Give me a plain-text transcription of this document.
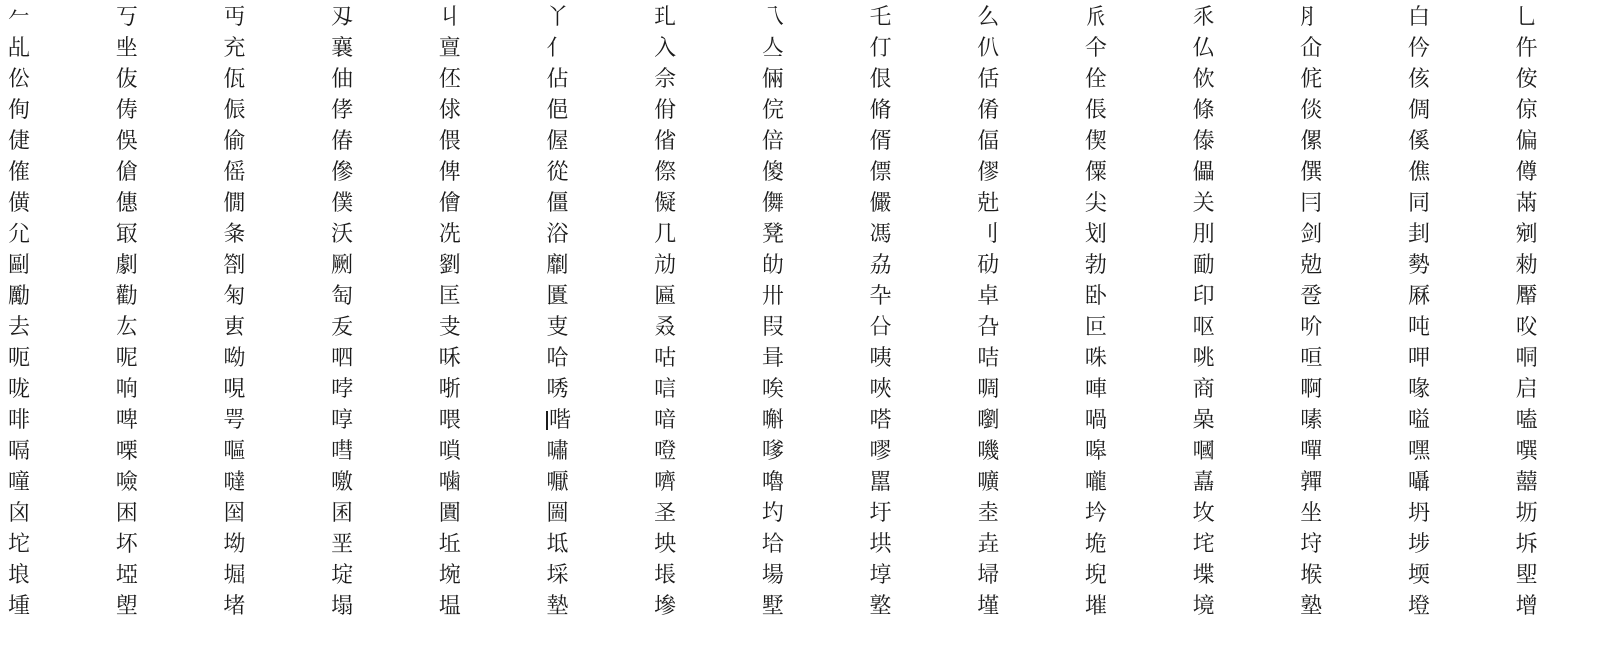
𠂉	丂	丏	刄	丩	丫	玌	乁	乇	么	𠂢	乑	⺼	白	乚
乩	㘴	充	襄	亶	亻	入	亼	仃	仈	仐	仏	仚	仱	仵
伀	伖	佤	伷	伾	佔	佘	倆	佷	佸	佺	佽	侂	侅	侒
侚	俦	侲	侾	俅	俋	佾	俒	脩	倄	倀	條	倓	倜	倞
倢	俁	偷	偆	偎	偓	偗	倍	偦	偪	偰	傣	傫	傒	偏
傕	傖	傜	傪	俾	從	傺	傻	僄	僇	僳	儡	僎	僬	僔
僙	僡	僩	僕	儈	僵	儗	儛	儼	兙	尖	关	冃	同	㒼
尣	冣	夈	沃	冼	浴	几	凳	馮	刂	划	刖	剑	刲	剜
剾	劇	劄	劂	劉	劘	劥	劰	劦	劯	勃	勔	勊	勢	勑
勵	勸	匊	匋	匡	匱	匾	卅	卆	卓	卧	印	卺	厤	厴
去	厷	叀	叐	叏	叓	叒	叚	㕣	叴	叵	呕	吤	吨	㕮
呃	呢	呦	呬	咊	哈	咕	咠	咦	咭	咮	咷	咺	呷	哃
咙	响	哯	哱	哳	唀	唁	唉	唊	啁	唓	商	啊	喙	启
啡	啤	咢	啍	喂	喈	喑	嘝	嗒	嚠	喎	喿	嗉	嗌	嗑
嗝	㗚	嘔	嘒	嗩	嘯	噔	嗲	嘐	嘰	嗥	嘓	嘽	嘿	噀
噇	噞	噠	噭	噛	嚈	嚌	嚕	嚚	嚝	嚨	嚞	嚲	囁	囍
囟	困	囶	囷	圚	圌	圣	圴	圩	坴	坅	坆	坐	坍	坜
坨	坏	坳	垩	坵	坻	坱	垥	垬	垚	垝	垞	垨	埗	坼
埌	埡	堀	埞	埦	埰	㙊	場	埻	埽	堄	堞	堠	堧	堲
堹	塱	堵	塌	塭	墊	墋	墅	墪	墐	墔	境	塾	墱	增
